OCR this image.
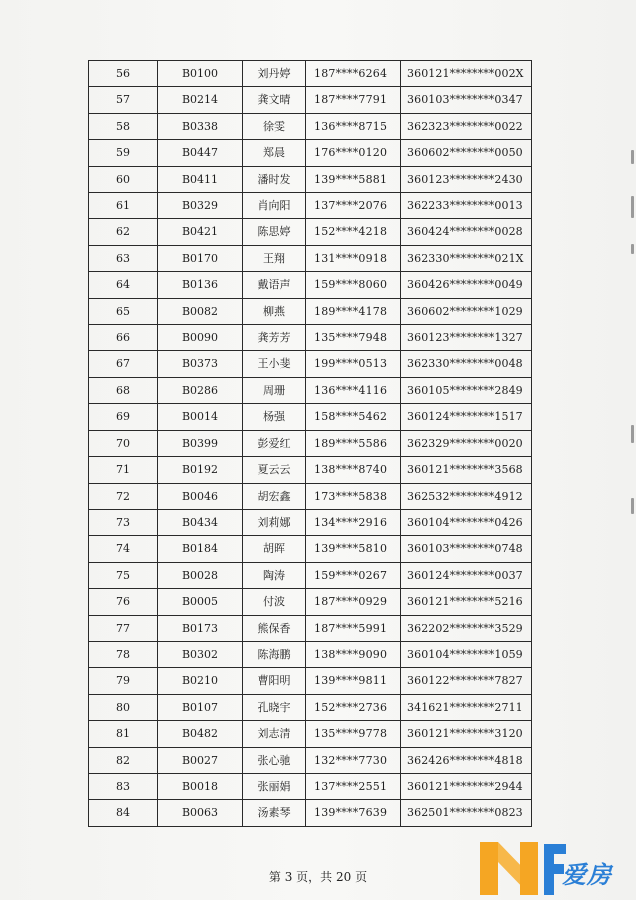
56	B0100	刘丹婷	187****6264	360121********002X
57	B0214	龚文晴	187****7791	360103********0347
58	B0338	徐雯	136****8715	362323********0022
59	B0447	郑晨	176****0120	360602********0050
60	B0411	潘时发	139****5881	360123********2430
61	B0329	肖向阳	137****2076	362233********0013
62	B0421	陈思婷	152****4218	360424********0028
63	B0170	王翔	131****0918	362330********021X
64	B0136	戴语声	159****8060	360426********0049
65	B0082	柳燕	189****4178	360602********1029
66	B0090	龚芳芳	135****7948	360123********1327
67	B0373	王小斐	199****0513	362330********0048
68	B0286	周珊	136****4116	360105********2849
69	B0014	杨强	158****5462	360124********1517
70	B0399	彭爱红	189****5586	362329********0020
71	B0192	夏云云	138****8740	360121********3568
72	B0046	胡宏鑫	173****5838	362532********4912
73	B0434	刘莉娜	134****2916	360104********0426
74	B0184	胡晖	139****5810	360103********0748
75	B0028	陶涛	159****0267	360124********0037
76	B0005	付波	187****0929	360121********5216
77	B0173	熊保香	187****5991	362202********3529
78	B0302	陈海鹏	138****9090	360104********1059
79	B0210	曹阳明	139****9811	360122********7827
80	B0107	孔晓宇	152****2736	341621********2711
81	B0482	刘志清	135****9778	360121********3120
82	B0027	张心驰	132****7730	362426********4818
83	B0018	张丽娟	137****2551	360121********2944
84	B0063	汤素琴	139****7639	362501********0823
第 3 页，共 20 页	爱房
